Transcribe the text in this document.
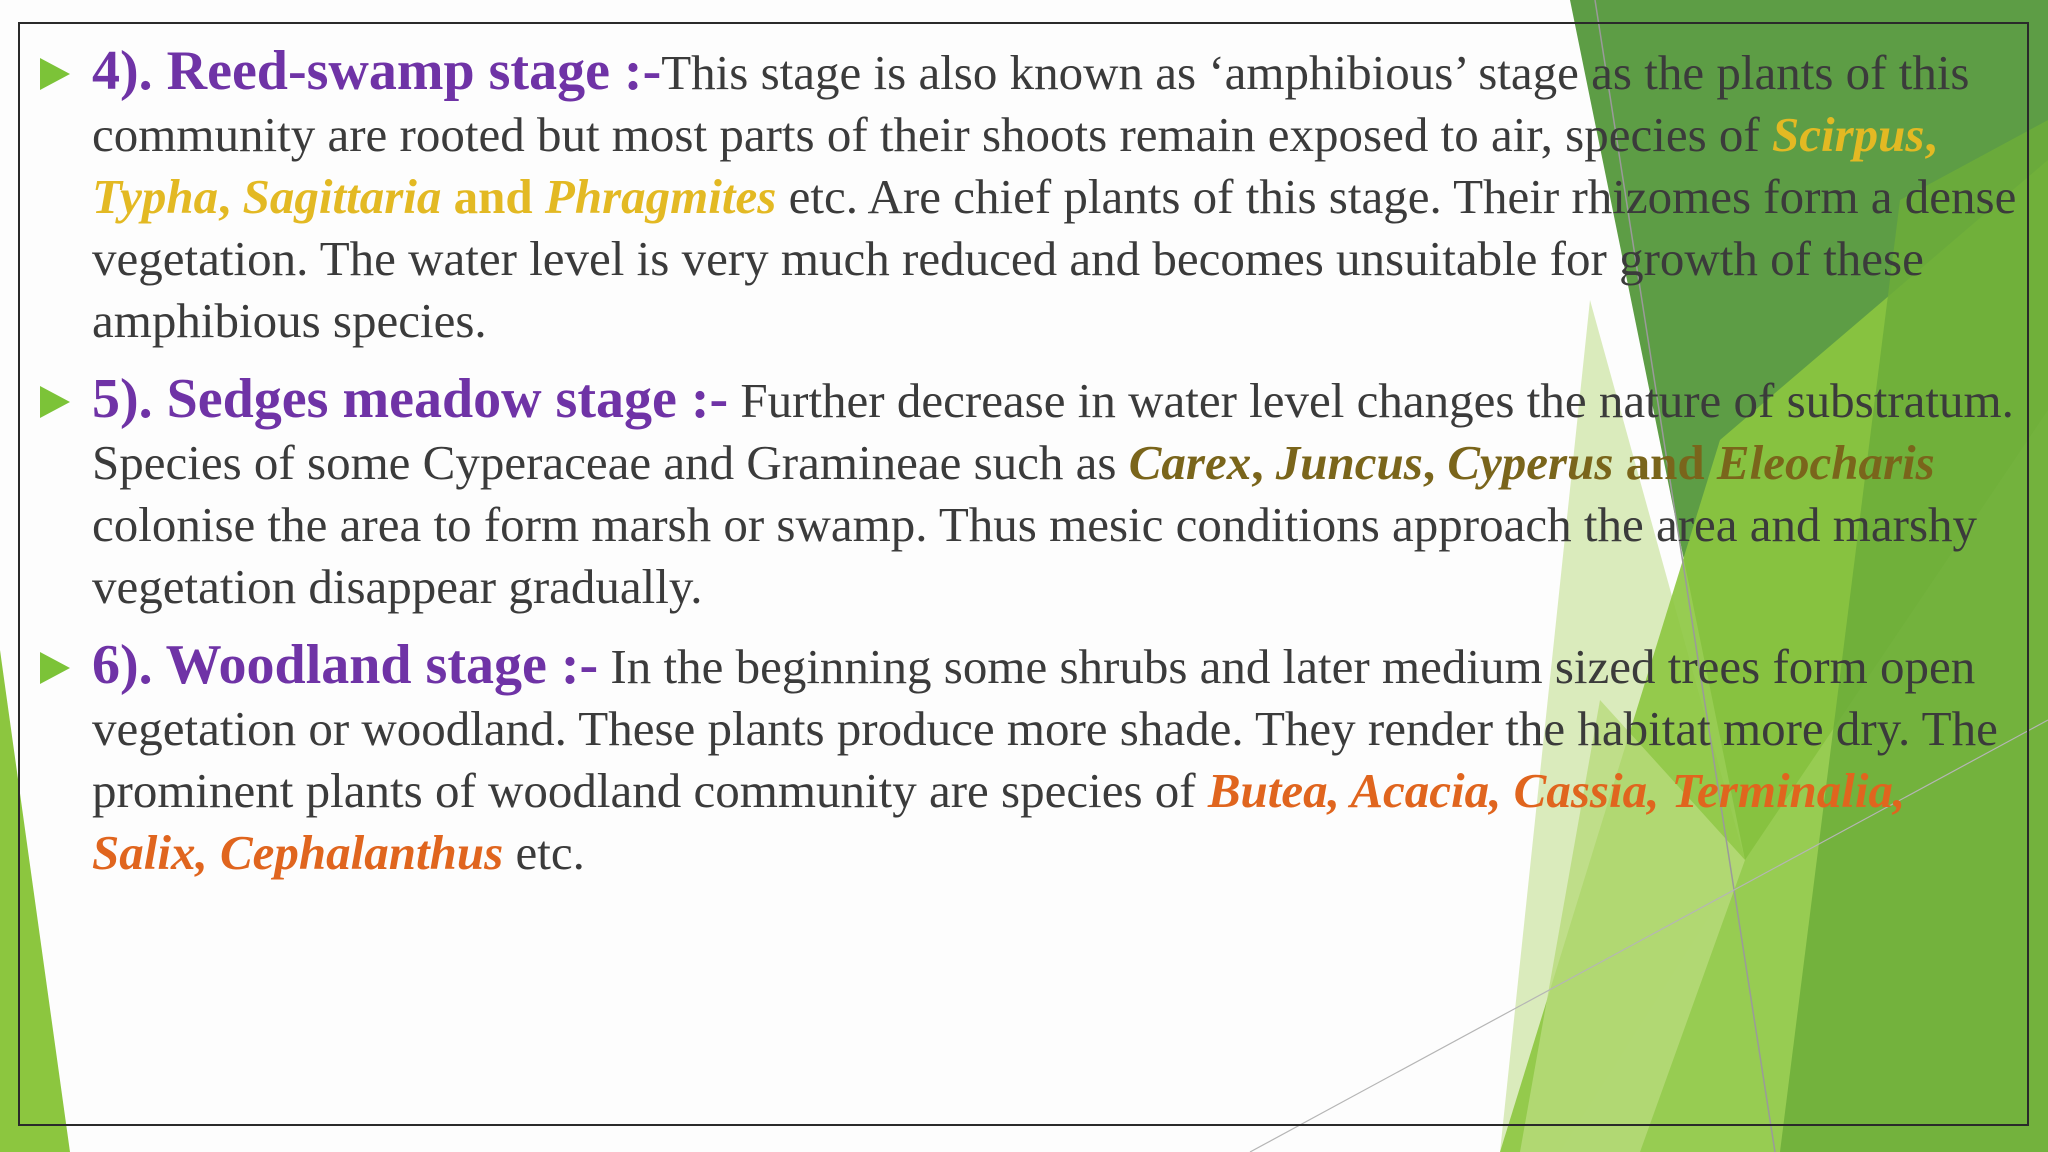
4). Reed-swamp stage :-This stage is also known as ‘amphibious’ stage as the plants of this community are rooted but most parts of their shoots remain exposed to air, species of Scirpus, Typha, Sagittaria and Phragmites etc. Are chief plants of this stage. Their rhizomes form a dense vegetation. The water level is very much reduced and becomes unsuitable for growth of these amphibious species.
5). Sedges meadow stage :- Further decrease in water level changes the nature of substratum. Species of some Cyperaceae and Gramineae such as Carex, Juncus, Cyperus and Eleocharis colonise the area to form marsh or swamp. Thus mesic conditions approach the area and marshy vegetation disappear gradually.
6). Woodland stage :- In the beginning some shrubs and later medium sized trees form open vegetation or woodland. These plants produce more shade. They render the habitat more dry. The prominent plants of woodland community are species of Butea, Acacia, Cassia, Terminalia, Salix, Cephalanthus etc.
